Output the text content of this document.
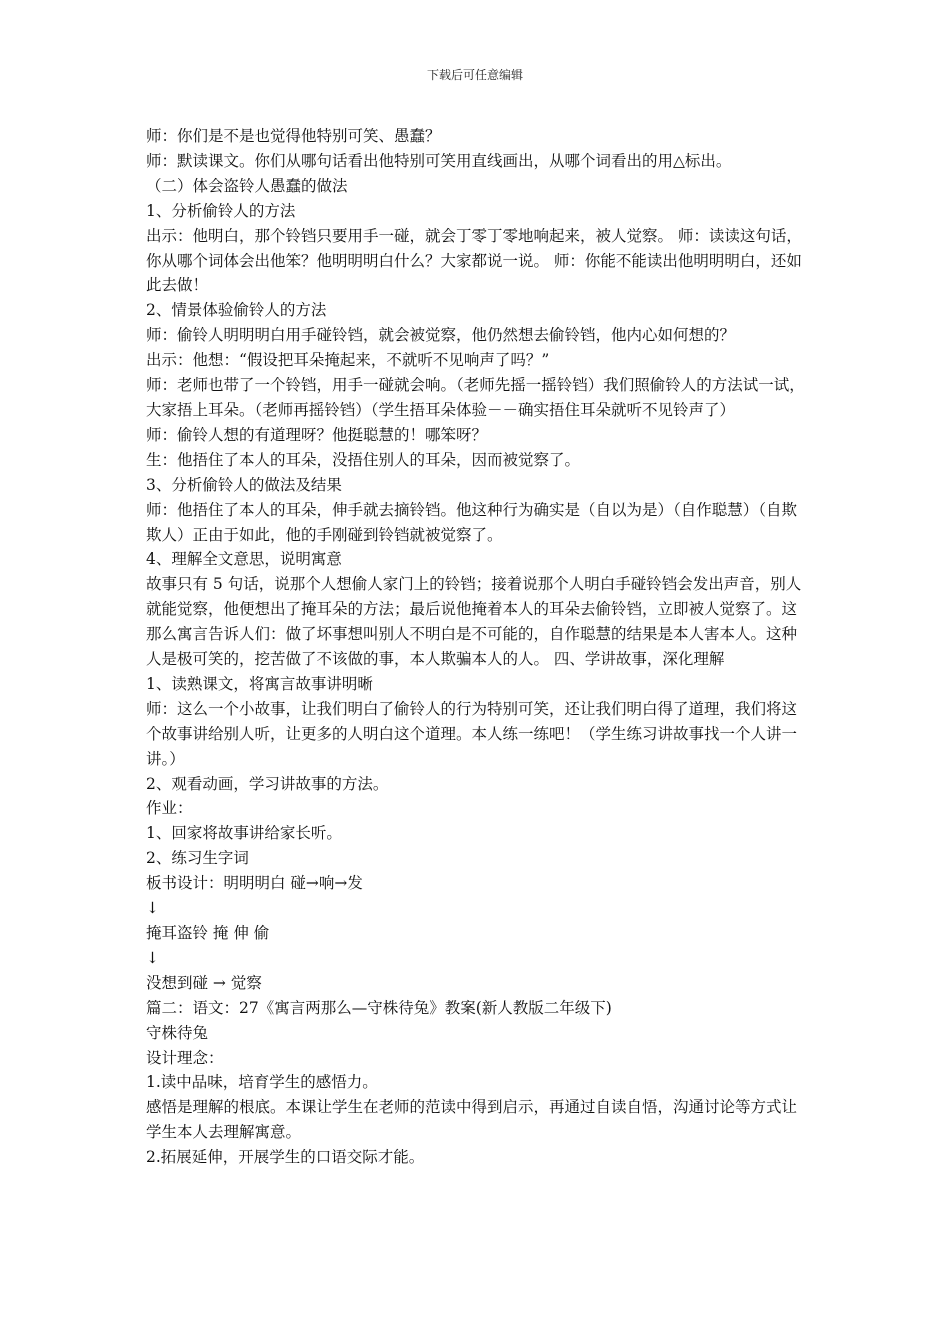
下载后可任意编辑

师：你们是不是也觉得他特别可笑、愚蠢？

师：默读课文。你们从哪句话看出他特别可笑用直线画出，从哪个词看出的用△标出。

（二）体会盗铃人愚蠢的做法

1、分析偷铃人的方法

出示：他明白，那个铃铛只要用手一碰，就会丁零丁零地响起来，被人觉察。 师：读读这句话，你从哪个词体会出他笨？他明明明白什么？大家都说一说。 师：你能不能读出他明明明白，还如此去做！

2、情景体验偷铃人的方法

师：偷铃人明明明白用手碰铃铛，就会被觉察，他仍然想去偷铃铛，他内心如何想的？

出示：他想：“假设把耳朵掩起来，不就听不见响声了吗？”

师：老师也带了一个铃铛，用手一碰就会响。（老师先摇一摇铃铛）我们照偷铃人的方法试一试，大家捂上耳朵。（老师再摇铃铛）（学生捂耳朵体验－－确实捂住耳朵就听不见铃声了）

师：偷铃人想的有道理呀？他挺聪慧的！哪笨呀？

生：他捂住了本人的耳朵，没捂住别人的耳朵，因而被觉察了。

3、分析偷铃人的做法及结果

师：他捂住了本人的耳朵，伸手就去摘铃铛。他这种行为确实是（自以为是）（自作聪慧）（自欺欺人）正由于如此，他的手刚碰到铃铛就被觉察了。

4、理解全文意思，说明寓意

故事只有 5 句话，说那个人想偷人家门上的铃铛；接着说那个人明白手碰铃铛会发出声音，别人就能觉察，他便想出了掩耳朵的方法；最后说他掩着本人的耳朵去偷铃铛，立即被人觉察了。这那么寓言告诉人们：做了坏事想叫别人不明白是不可能的，自作聪慧的结果是本人害本人。这种人是极可笑的，挖苦做了不该做的事，本人欺骗本人的人。 四、学讲故事，深化理解

1、读熟课文，将寓言故事讲明晰

师：这么一个小故事，让我们明白了偷铃人的行为特别可笑，还让我们明白得了道理，我们将这个故事讲给别人听，让更多的人明白这个道理。本人练一练吧！（学生练习讲故事找一个人讲一讲。）

2、观看动画，学习讲故事的方法。

作业：

1、回家将故事讲给家长听。

2、练习生字词

板书设计：明明明白 碰→响→发

↓

掩耳盗铃 掩 伸 偷

↓

没想到碰 → 觉察

篇二：语文：27《寓言两那么—守株待兔》教案(新人教版二年级下)

守株待兔

设计理念：

1.读中品味，培育学生的感悟力。

感悟是理解的根底。本课让学生在老师的范读中得到启示，再通过自读自悟，沟通讨论等方式让学生本人去理解寓意。

2.拓展延伸，开展学生的口语交际才能。
